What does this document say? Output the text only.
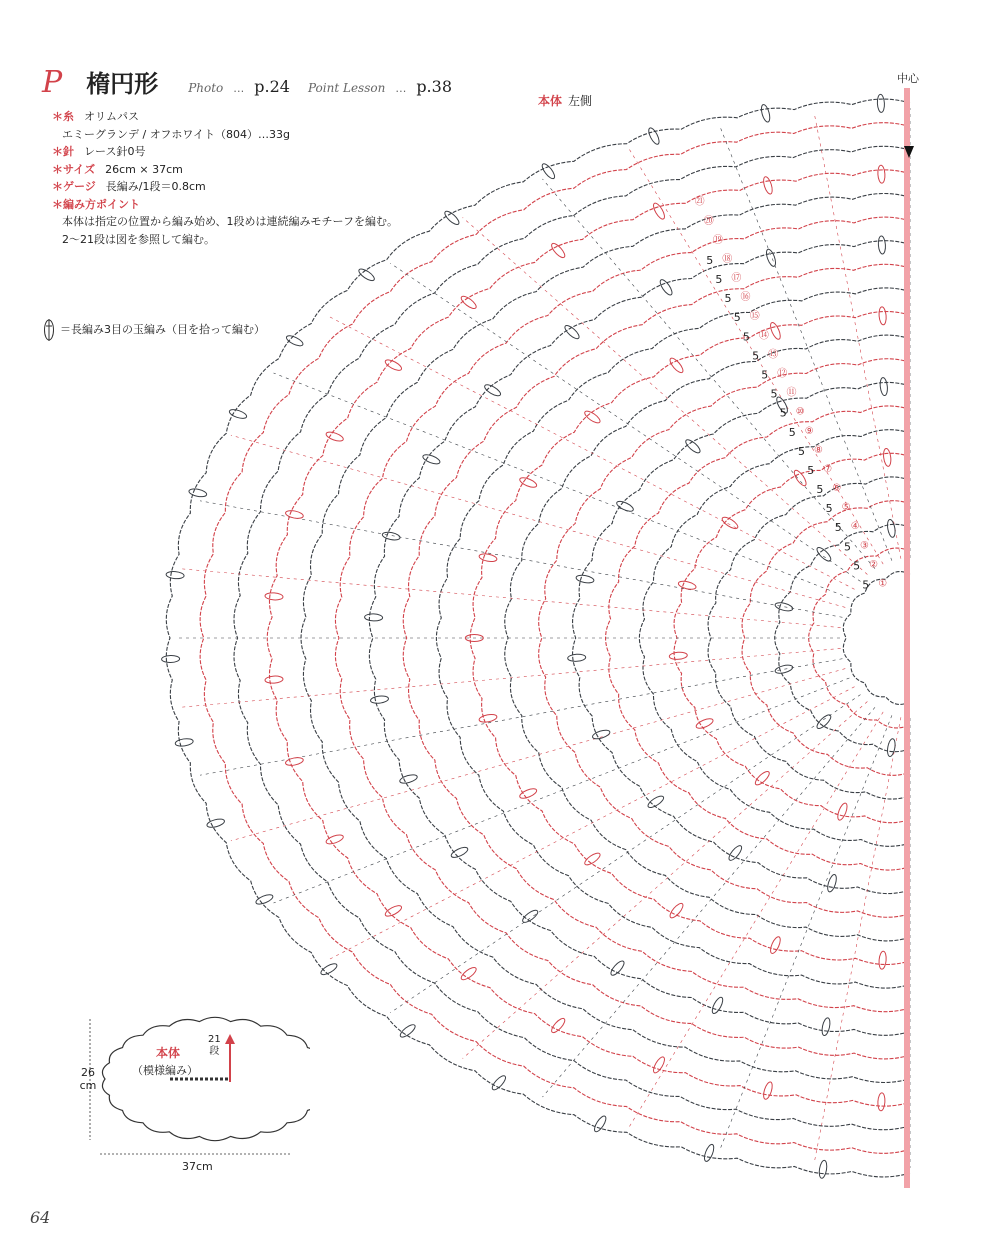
P 楕円形	Photo … p.24 Point Lesson … p.38
＊糸 オリムパス
エミーグランデ / オフホワイト（804）…33g
＊針 レース針0号
＊サイズ 26cm × 37cm
＊ゲージ 長編み/1段＝0.8cm
＊編み方ポイント
本体は指定の位置から編み始め、1段めは連続編みモチーフを編む。
2〜21段は図を参照して編む。
＝長編み3目の玉編み（目を拾って編む）
本体 左側
中心
①
5
②
5
③
5
④
5
⑤
5
⑥
5
⑦
5
⑧
5
⑨
5
⑩
5
⑪
5
⑫
5
⑬
5
⑭
5
⑮
5
⑯
5
⑰
5
⑱
5
⑲
⑳
㉑
本体
（模様編み）
26
cm
37cm
21
段
64
